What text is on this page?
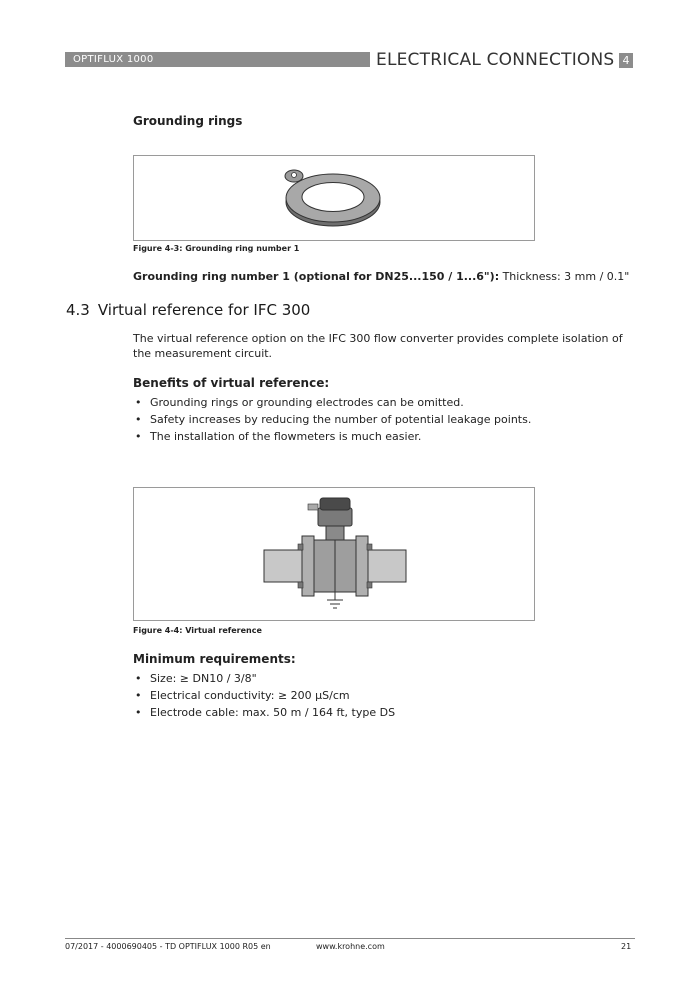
OPTIFLUX 1000	ELECTRICAL CONNECTIONS 4
Grounding rings
Figure 4-3: Grounding ring number 1
Grounding ring number 1 (optional for DN25...150 / 1...6"): Thickness: 3 mm / 0.1"
4.3 Virtual reference for IFC 300
The virtual reference option on the IFC 300 flow converter provides complete isolation of the measurement circuit.
Benefits of virtual reference:
• Grounding rings or grounding electrodes can be omitted.
• Safety increases by reducing the number of potential leakage points.
• The installation of the flowmeters is much easier.
Figure 4-4: Virtual reference
Minimum requirements:
• Size: ≥ DN10 / 3/8"
• Electrical conductivity: ≥ 200 µS/cm
• Electrode cable: max. 50 m / 164 ft, type DS
07/2017 - 4000690405 - TD OPTIFLUX 1000 R05 en	www.krohne.com	21
